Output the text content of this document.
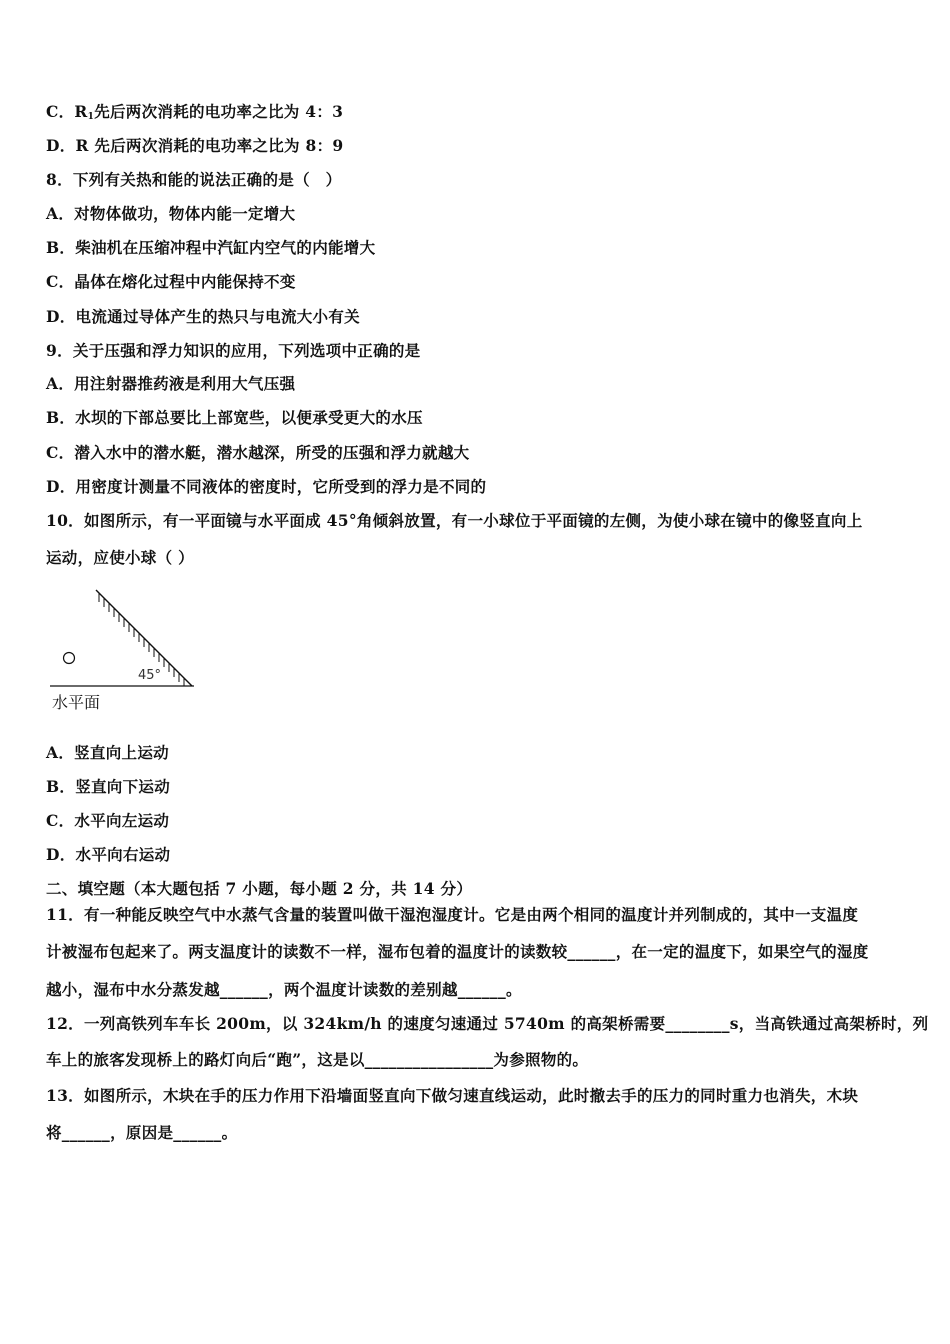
C．$R_1$先后两次消耗的电功率之比为 4：3
D．R 先后两次消耗的电功率之比为 8：9
8．下列有关热和能的说法正确的是（　）
A．对物体做功，物体内能一定增大
B．柴油机在压缩冲程中汽缸内空气的内能增大
C．晶体在熔化过程中内能保持不变
D．电流通过导体产生的热只与电流大小有关
9．关于压强和浮力知识的应用，下列选项中正确的是
A．用注射器推药液是利用大气压强
B．水坝的下部总要比上部宽些，以便承受更大的水压
C．潜入水中的潜水艇，潜水越深，所受的压强和浮力就越大
D．用密度计测量不同液体的密度时，它所受到的浮力是不同的
10．如图所示，有一平面镜与水平面成 45°角倾斜放置，有一小球位于平面镜的左侧，为使小球在镜中的像竖直向上
运动，应使小球（ ）
45°
水平面
A．竖直向上运动
B．竖直向下运动
C．水平向左运动
D．水平向右运动
二、填空题（本大题包括 7 小题，每小题 2 分，共 14 分）
11．有一种能反映空气中水蒸气含量的装置叫做干湿泡湿度计。它是由两个相同的温度计并列制成的，其中一支温度
计被湿布包起来了。两支温度计的读数不一样，湿布包着的温度计的读数较______，在一定的温度下，如果空气的湿度
越小，湿布中水分蒸发越______，两个温度计读数的差别越______。
12．一列高铁列车车长 200m，以 324km/h 的速度匀速通过 5740m 的高架桥需要________s，当高铁通过高架桥时，列
车上的旅客发现桥上的路灯向后“跑”，这是以________________为参照物的。
13．如图所示，木块在手的压力作用下沿墙面竖直向下做匀速直线运动，此时撤去手的压力的同时重力也消失，木块
将______，原因是______。
